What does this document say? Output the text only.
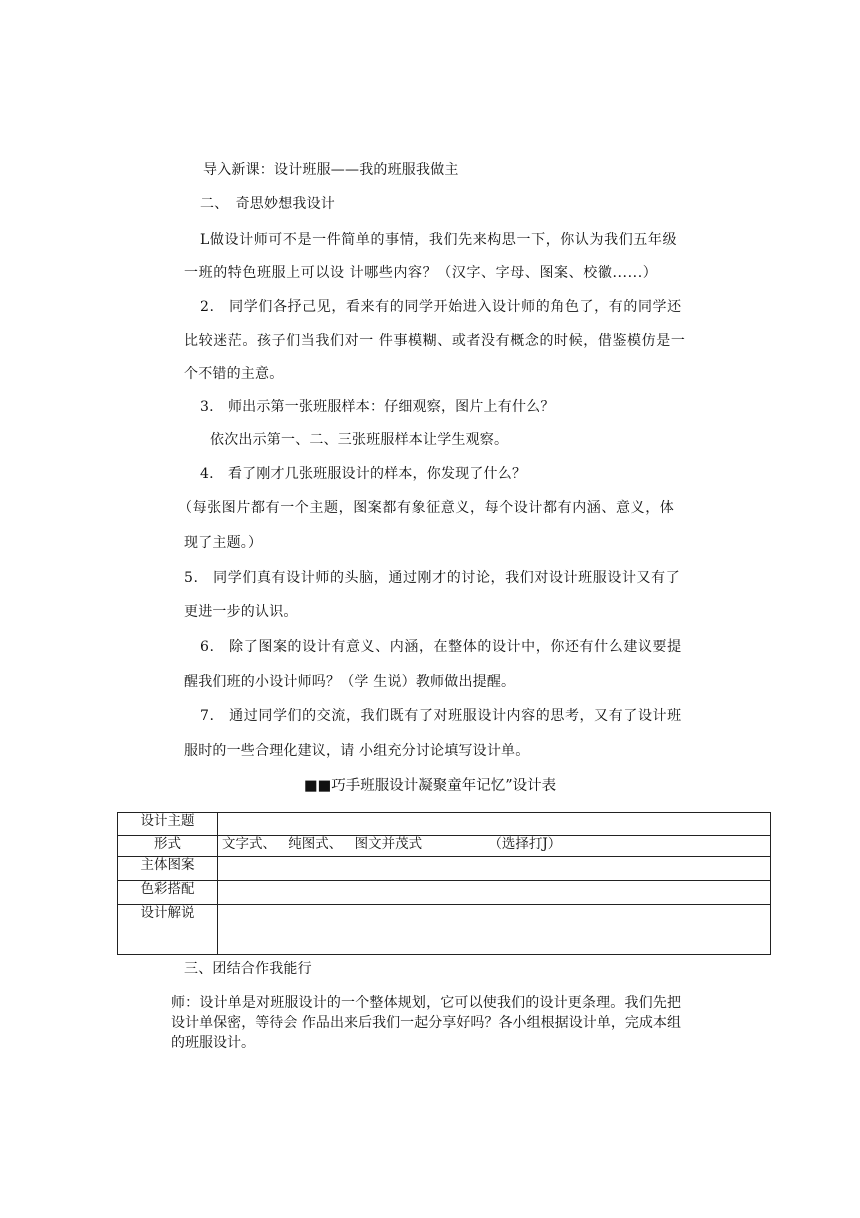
导入新课：设计班服——我的班服我做主
二、　奇思妙想我设计
L做设计师可不是一件简单的事情，我们先来构思一下，你认为我们五年级
一班的特色班服上可以设 计哪些内容？（汉字、字母、图案、校徽......）
2.　同学们各抒己见，看来有的同学开始进入设计师的角色了，有的同学还
比较迷茫。孩子们当我们对一 件事模糊、或者没有概念的时候，借鉴模仿是一
个不错的主意。
3.　师出示第一张班服样本：仔细观察，图片上有什么？
依次出示第一、二、三张班服样本让学生观察。
4.　看了刚才几张班服设计的样本，你发现了什么？
（每张图片都有一个主题，图案都有象征意义，每个设计都有内涵、意义，体
现了主题。）
5.　同学们真有设计师的头脑，通过刚才的讨论，我们对设计班服设计又有了
更进一步的认识。
6.　除了图案的设计有意义、内涵，在整体的设计中，你还有什么建议要提
醒我们班的小设计师吗？（学 生说）教师做出提醒。
7.　通过同学们的交流，我们既有了对班服设计内容的思考，又有了设计班
服时的一些合理化建议，请 小组充分讨论填写设计单。
■■巧手班服设计凝聚童年记忆”设计表
设计主题	
形式	文字式、 纯图式、 图文并茂式 （选择打J）
主体图案	
色彩搭配	
设计解说	
三、团结合作我能行
师：设计单是对班服设计的一个整体规划，它可以使我们的设计更条理。我们先把设计单保密，等待会 作品出来后我们一起分享好吗？各小组根据设计单，完成本组的班服设计。
